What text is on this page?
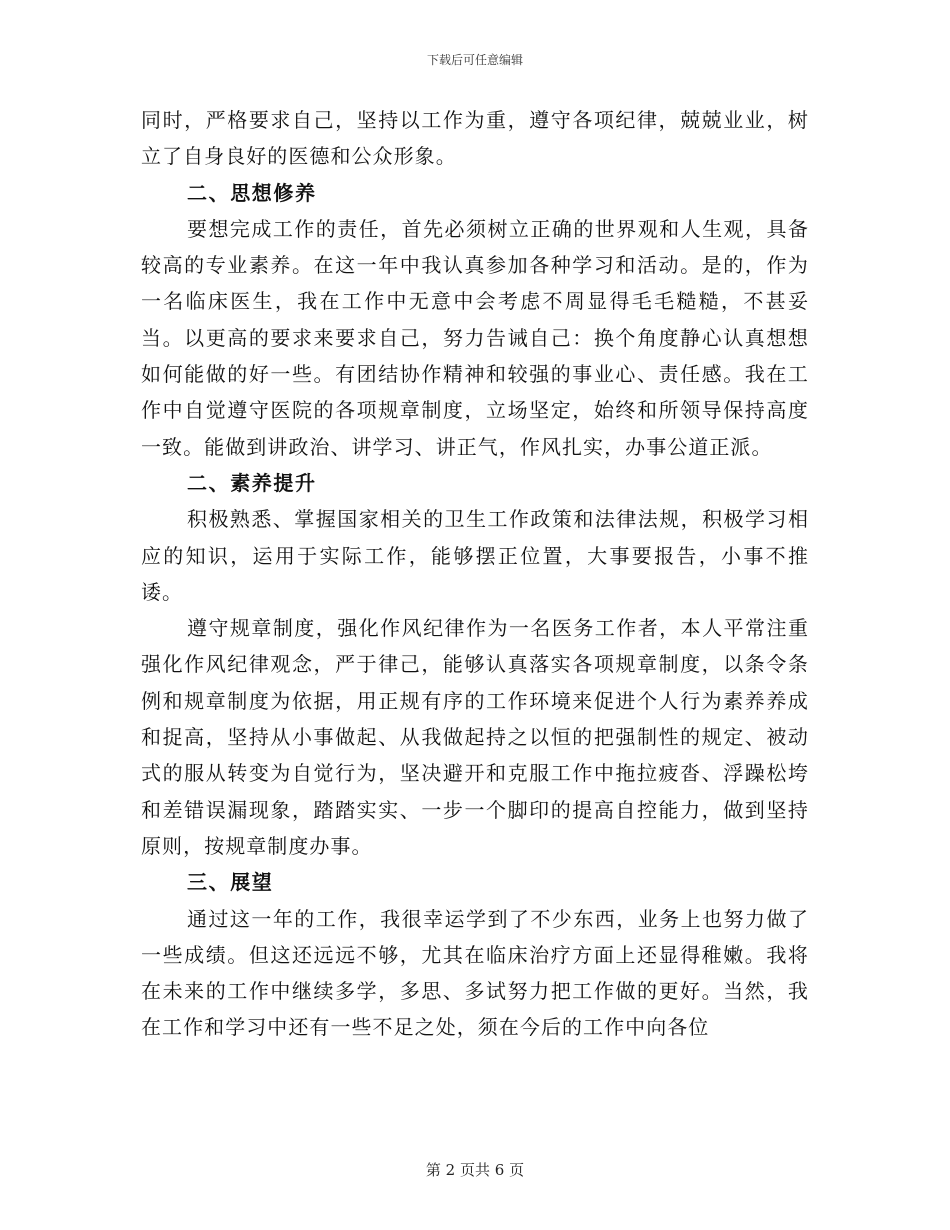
下载后可任意编辑

同时，严格要求自己，坚持以工作为重，遵守各项纪律，兢兢业业，树立了自身良好的医德和公众形象。

二、思想修养

要想完成工作的责任，首先必须树立正确的世界观和人生观，具备较高的专业素养。在这一年中我认真参加各种学习和活动。是的，作为一名临床医生，我在工作中无意中会考虑不周显得毛毛糙糙，不甚妥当。以更高的要求来要求自己，努力告诫自己：换个角度静心认真想想如何能做的好一些。有团结协作精神和较强的事业心、责任感。我在工作中自觉遵守医院的各项规章制度，立场坚定，始终和所领导保持高度一致。能做到讲政治、讲学习、讲正气，作风扎实，办事公道正派。

二、素养提升

积极熟悉、掌握国家相关的卫生工作政策和法律法规，积极学习相应的知识，运用于实际工作，能够摆正位置，大事要报告，小事不推诿。

遵守规章制度，强化作风纪律作为一名医务工作者，本人平常注重强化作风纪律观念，严于律己，能够认真落实各项规章制度，以条令条例和规章制度为依据，用正规有序的工作环境来促进个人行为素养养成和捉高，坚持从小事做起、从我做起持之以恒的把强制性的规定、被动式的服从转变为自觉行为，坚决避开和克服工作中拖拉疲沓、浮躁松垮和差错误漏现象，踏踏实实、一步一个脚印的提高自控能力，做到坚持原则，按规章制度办事。

三、展望

通过这一年的工作，我很幸运学到了不少东西，业务上也努力做了一些成绩。但这还远远不够，尤其在临床治疗方面上还显得稚嫩。我将在未来的工作中继续多学，多思、多试努力把工作做的更好。当然，我在工作和学习中还有一些不足之处，须在今后的工作中向各位

第 2 页共 6 页
